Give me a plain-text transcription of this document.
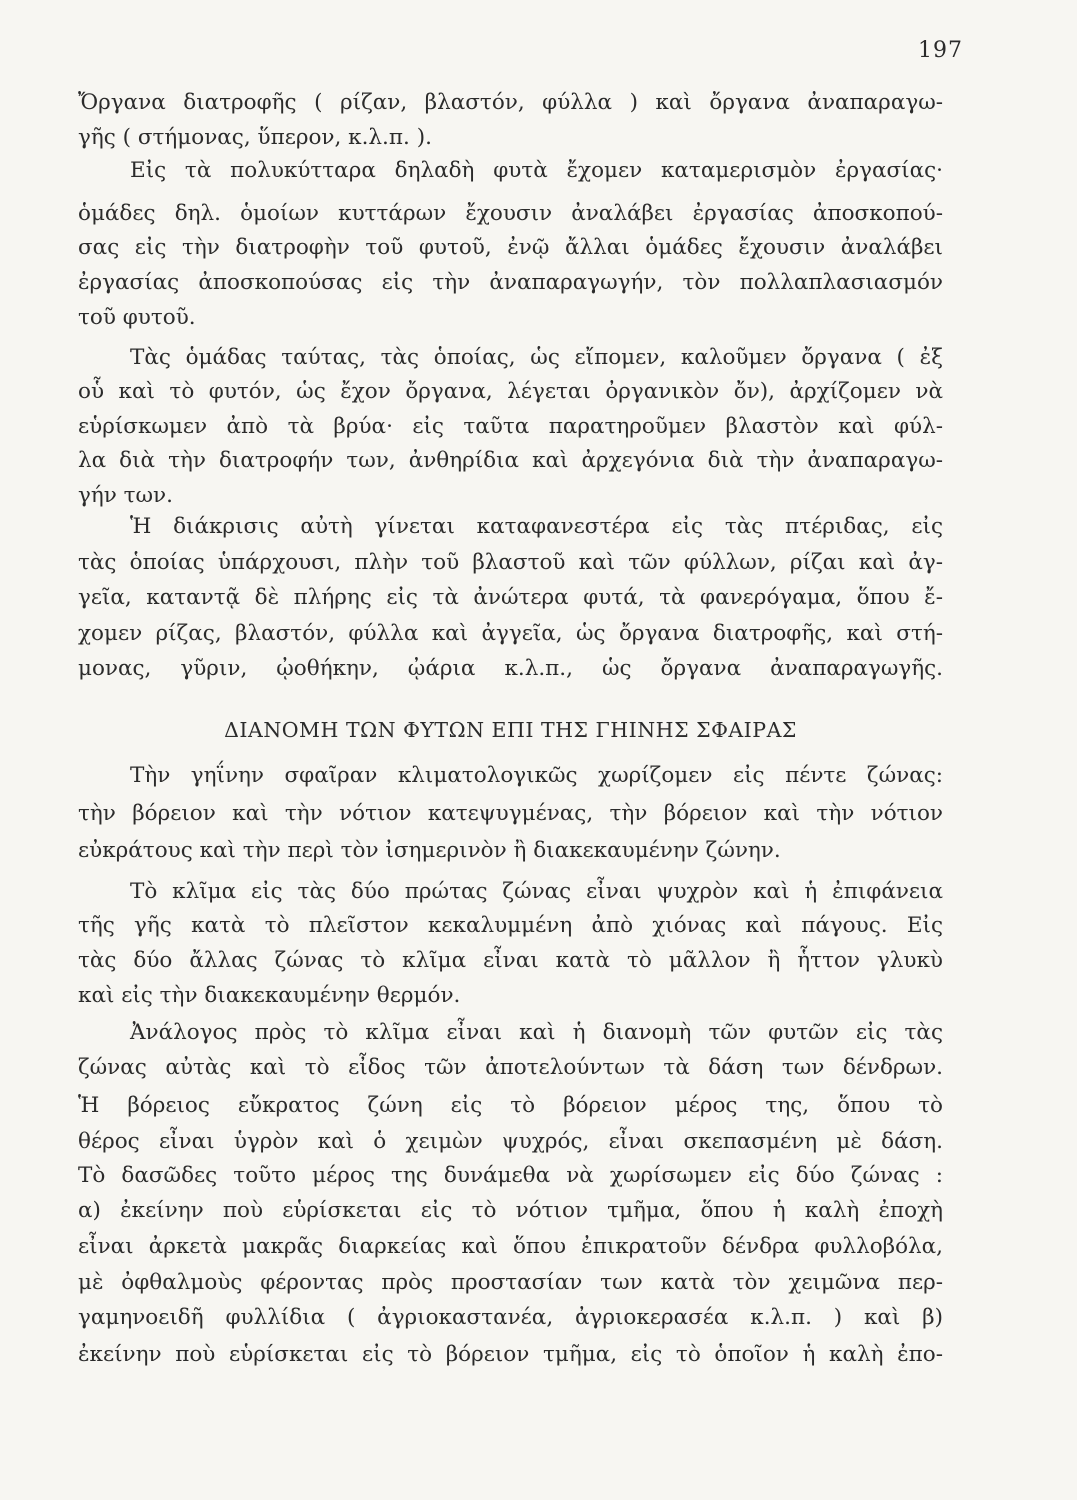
197
Ὄργανα διατροφῆς ( ρίζαν, βλαστόν, φύλλα ) καὶ ὄργανα ἀναπαραγω-
γῆς ( στήμονας, ὕπερον, κ.λ.π. ).
Εἰς τὰ πολυκύτταρα δηλαδὴ φυτὰ ἔχομεν καταμερισμὸν ἐργασίας·
ὁμάδες δηλ. ὁμοίων κυττάρων ἔχουσιν ἀναλάβει ἐργασίας ἀποσκοπού-
σας εἰς τὴν διατροφὴν τοῦ φυτοῦ, ἐνῷ ἄλλαι ὁμάδες ἔχουσιν ἀναλάβει
ἐργασίας ἀποσκοπούσας εἰς τὴν ἀναπαραγωγήν, τὸν πολλαπλασιασμόν
τοῦ φυτοῦ.
Τὰς ὁμάδας ταύτας, τὰς ὁποίας, ὡς εἴπομεν, καλοῦμεν ὄργανα ( ἐξ
οὗ καὶ τὸ φυτόν, ὡς ἔχον ὄργανα, λέγεται ὀργανικὸν ὄν), ἀρχίζομεν νὰ
εὑρίσκωμεν ἀπὸ τὰ βρύα· εἰς ταῦτα παρατηροῦμεν βλαστὸν καὶ φύλ-
λα διὰ τὴν διατροφήν των, ἀνθηρίδια καὶ ἀρχεγόνια διὰ τὴν ἀναπαραγω-
γήν των.
Ἡ διάκρισις αὐτὴ γίνεται καταφανεστέρα εἰς τὰς πτέριδας, εἰς
τὰς ὁποίας ὑπάρχουσι, πλὴν τοῦ βλαστοῦ καὶ τῶν φύλλων, ρίζαι καὶ ἀγ-
γεῖα, καταντᾷ δὲ πλήρης εἰς τὰ ἀνώτερα φυτά, τὰ φανερόγαμα, ὅπου ἔ-
χομεν ρίζας, βλαστόν, φύλλα καὶ ἀγγεῖα, ὡς ὄργανα διατροφῆς, καὶ στή-
μονας, γῦριν, ᾠοθήκην, ᾠάρια κ.λ.π., ὡς ὄργανα ἀναπαραγωγῆς.
ΔΙΑΝΟΜΗ ΤΩΝ ΦΥΤΩΝ ΕΠΙ ΤΗΣ ΓΗΙΝΗΣ ΣΦΑΙΡΑΣ
Τὴν γηΐνην σφαῖραν κλιματολογικῶς χωρίζομεν εἰς πέντε ζώνας:
τὴν βόρειον καὶ τὴν νότιον κατεψυγμένας, τὴν βόρειον καὶ τὴν νότιον
εὐκράτους καὶ τὴν περὶ τὸν ἰσημερινὸν ἢ διακεκαυμένην ζώνην.
Τὸ κλῖμα εἰς τὰς δύο πρώτας ζώνας εἶναι ψυχρὸν καὶ ἡ ἐπιφάνεια
τῆς γῆς κατὰ τὸ πλεῖστον κεκαλυμμένη ἀπὸ χιόνας καὶ πάγους. Εἰς
τὰς δύο ἄλλας ζώνας τὸ κλῖμα εἶναι κατὰ τὸ μᾶλλον ἢ ἧττον γλυκὺ
καὶ εἰς τὴν διακεκαυμένην θερμόν.
Ἀνάλογος πρὸς τὸ κλῖμα εἶναι καὶ ἡ διανομὴ τῶν φυτῶν εἰς τὰς
ζώνας αὐτὰς καὶ τὸ εἶδος τῶν ἀποτελούντων τὰ δάση των δένδρων.
Ἡ βόρειος εὔκρατος ζώνη εἰς τὸ βόρειον μέρος της, ὅπου τὸ
θέρος εἶναι ὑγρὸν καὶ ὁ χειμὼν ψυχρός, εἶναι σκεπασμένη μὲ δάση.
Τὸ δασῶδες τοῦτο μέρος της δυνάμεθα νὰ χωρίσωμεν εἰς δύο ζώνας :
α) ἐκείνην ποὺ εὑρίσκεται εἰς τὸ νότιον τμῆμα, ὅπου ἡ καλὴ ἐποχὴ
εἶναι ἀρκετὰ μακρᾶς διαρκείας καὶ ὅπου ἐπικρατοῦν δένδρα φυλλοβόλα,
μὲ ὀφθαλμοὺς φέροντας πρὸς προστασίαν των κατὰ τὸν χειμῶνα περ-
γαμηνοειδῆ φυλλίδια ( ἀγριοκαστανέα, ἀγριοκερασέα κ.λ.π. ) καὶ β)
ἐκείνην ποὺ εὑρίσκεται εἰς τὸ βόρειον τμῆμα, εἰς τὸ ὁποῖον ἡ καλὴ ἐπο-
